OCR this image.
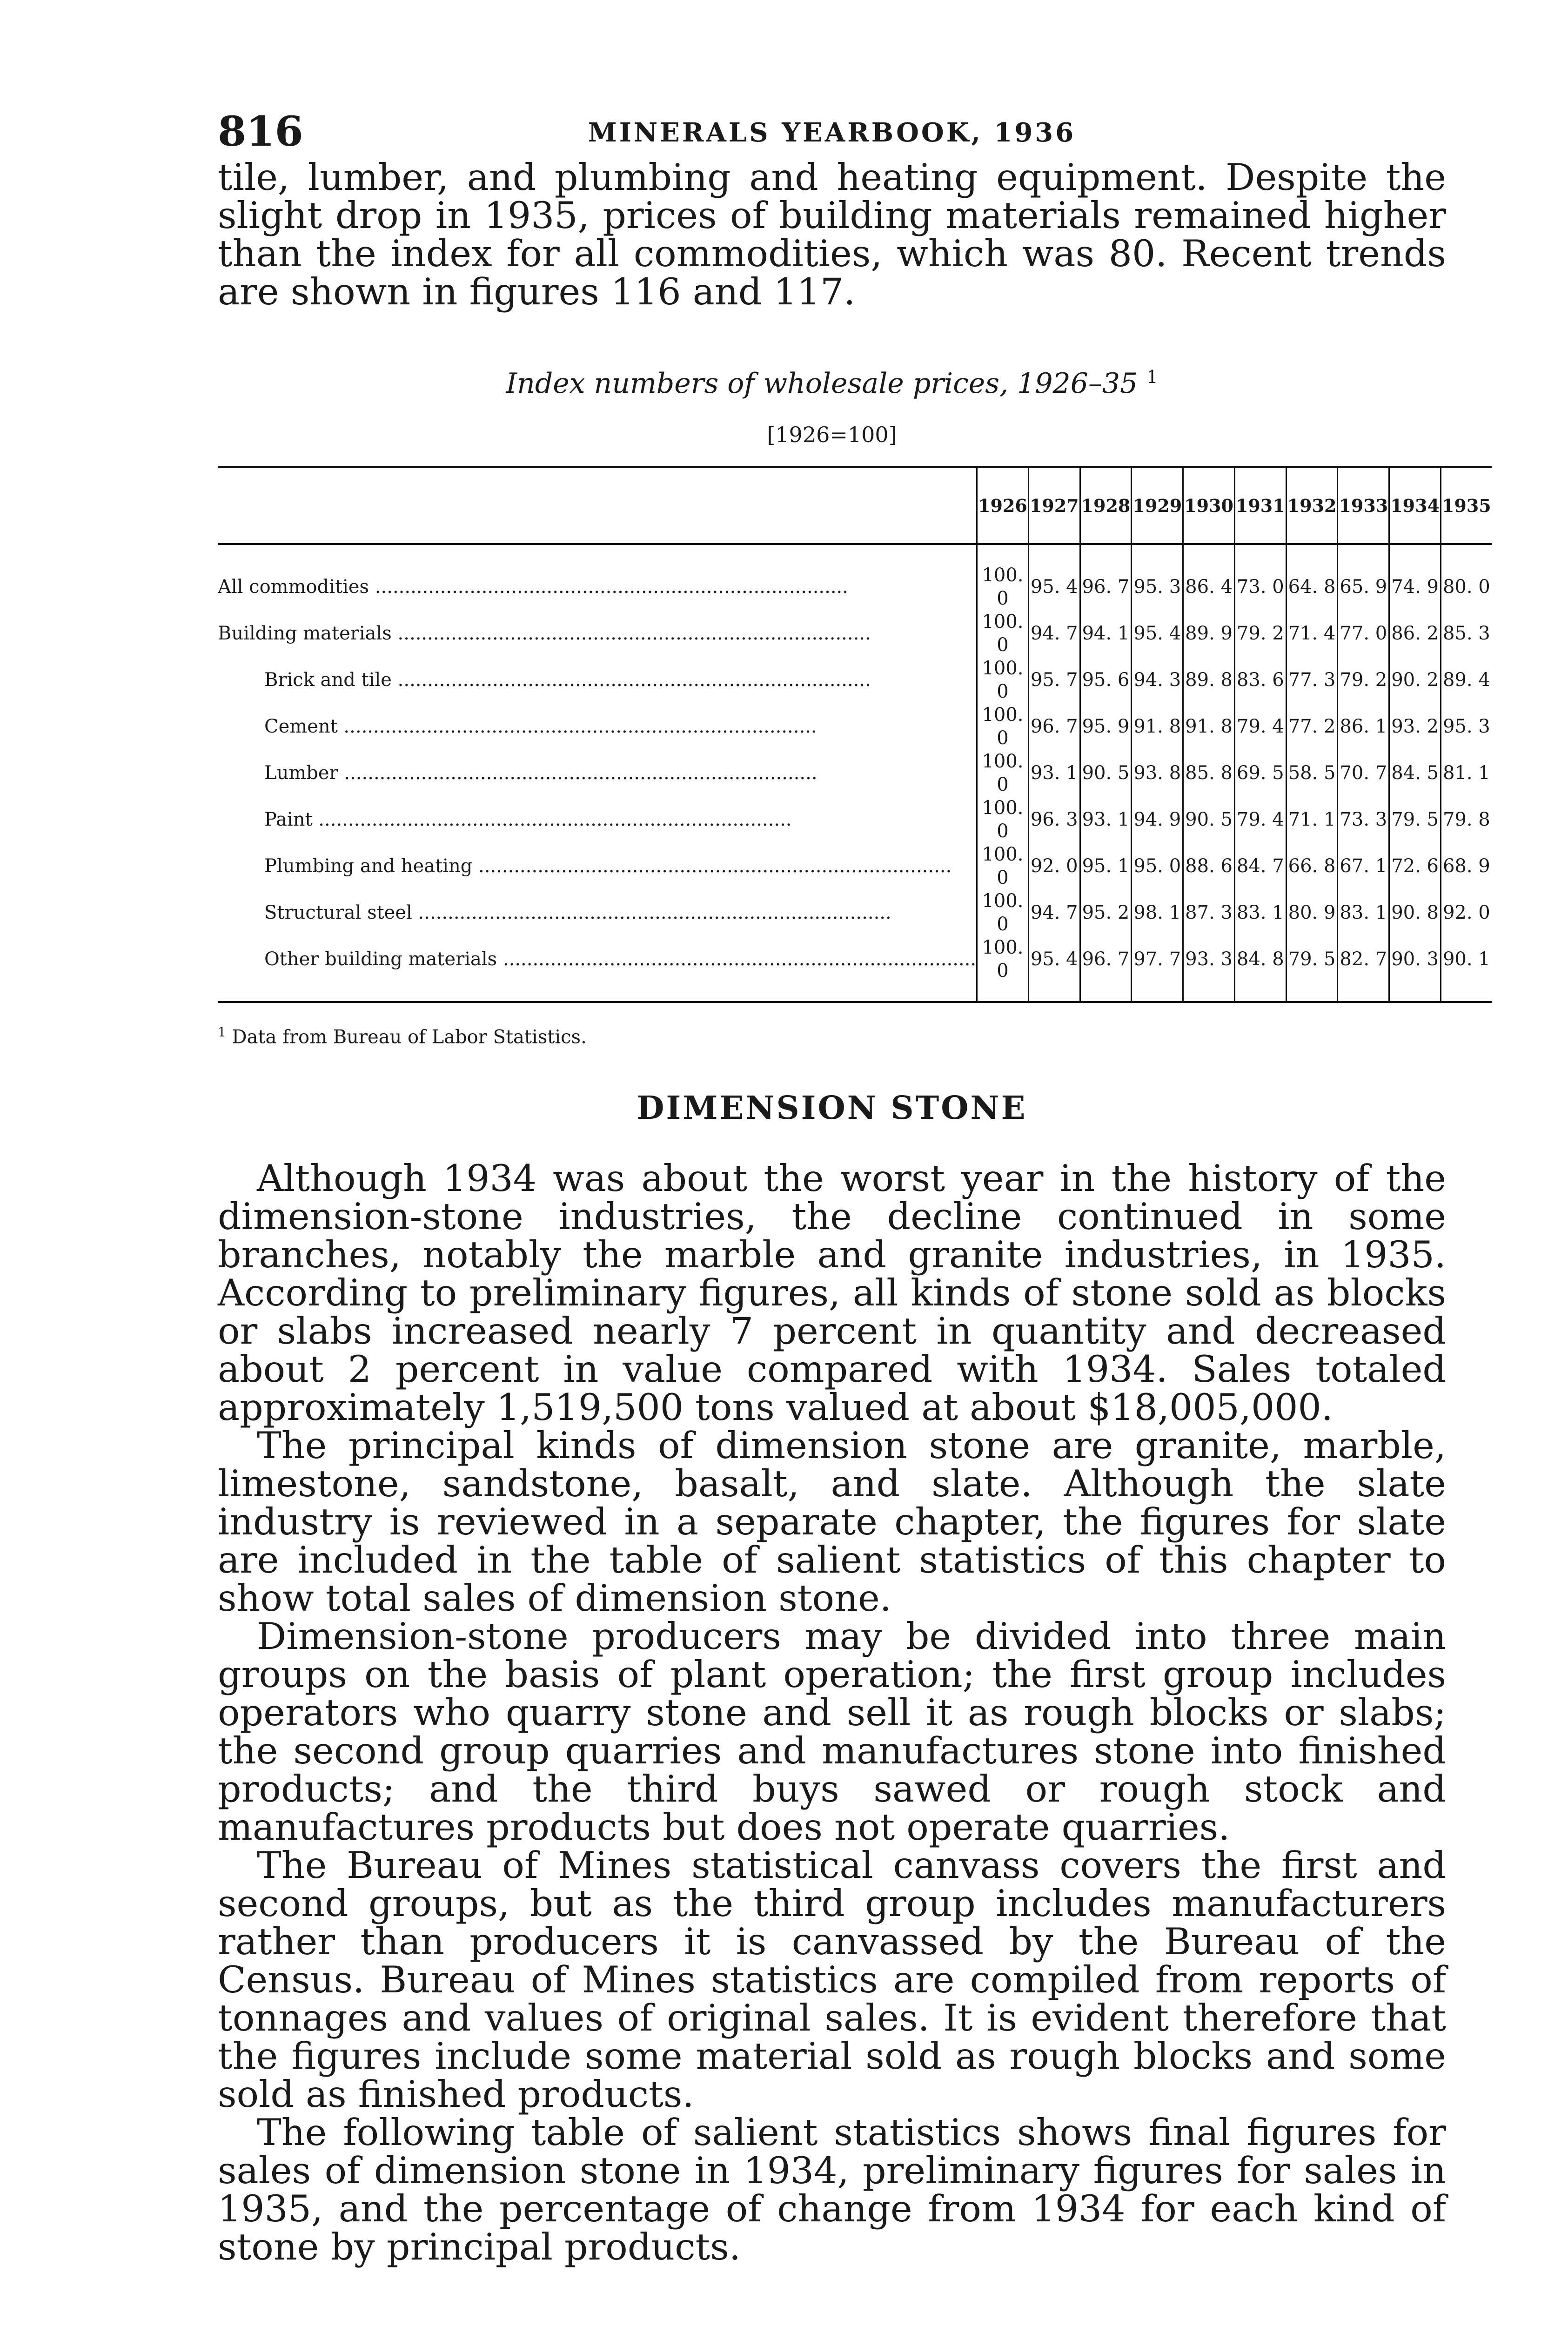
816	MINERALS YEARBOOK, 1936

tile, lumber, and plumbing and heating equipment. Despite the slight drop in 1935, prices of building materials remained higher than the index for all commodities, which was 80. Recent trends are shown in figures 116 and 117.

Index numbers of wholesale prices, 1926–35 $^1$
[1926=100]
	1926	1927	1928	1929	1930	1931	1932	1933	1934	1935
All commodities ................................................................................	100. 0	95. 4	96. 7	95. 3	86. 4	73. 0	64. 8	65. 9	74. 9	80. 0
Building materials ................................................................................	100. 0	94. 7	94. 1	95. 4	89. 9	79. 2	71. 4	77. 0	86. 2	85. 3
Brick and tile ................................................................................	100. 0	95. 7	95. 6	94. 3	89. 8	83. 6	77. 3	79. 2	90. 2	89. 4
Cement ................................................................................	100. 0	96. 7	95. 9	91. 8	91. 8	79. 4	77. 2	86. 1	93. 2	95. 3
Lumber ................................................................................	100. 0	93. 1	90. 5	93. 8	85. 8	69. 5	58. 5	70. 7	84. 5	81. 1
Paint ................................................................................	100. 0	96. 3	93. 1	94. 9	90. 5	79. 4	71. 1	73. 3	79. 5	79. 8
Plumbing and heating ................................................................................	100. 0	92. 0	95. 1	95. 0	88. 6	84. 7	66. 8	67. 1	72. 6	68. 9
Structural steel ................................................................................	100. 0	94. 7	95. 2	98. 1	87. 3	83. 1	80. 9	83. 1	90. 8	92. 0
Other building materials ................................................................................	100. 0	95. 4	96. 7	97. 7	93. 3	84. 8	79. 5	82. 7	90. 3	90. 1
$^1$ Data from Bureau of Labor Statistics.
DIMENSION STONE

Although 1934 was about the worst year in the history of the dimension-stone industries, the decline continued in some branches, notably the marble and granite industries, in 1935. According to preliminary figures, all kinds of stone sold as blocks or slabs increased nearly 7 percent in quantity and decreased about 2 percent in value compared with 1934. Sales totaled approximately 1,519,500 tons valued at about $18,005,000.

The principal kinds of dimension stone are granite, marble, limestone, sandstone, basalt, and slate. Although the slate industry is reviewed in a separate chapter, the figures for slate are included in the table of salient statistics of this chapter to show total sales of dimension stone.

Dimension-stone producers may be divided into three main groups on the basis of plant operation; the first group includes operators who quarry stone and sell it as rough blocks or slabs; the second group quarries and manufactures stone into finished products; and the third buys sawed or rough stock and manufactures products but does not operate quarries.

The Bureau of Mines statistical canvass covers the first and second groups, but as the third group includes manufacturers rather than producers it is canvassed by the Bureau of the Census. Bureau of Mines statistics are compiled from reports of tonnages and values of original sales. It is evident therefore that the figures include some material sold as rough blocks and some sold as finished products.

The following table of salient statistics shows final figures for sales of dimension stone in 1934, preliminary figures for sales in 1935, and the percentage of change from 1934 for each kind of stone by principal products.
